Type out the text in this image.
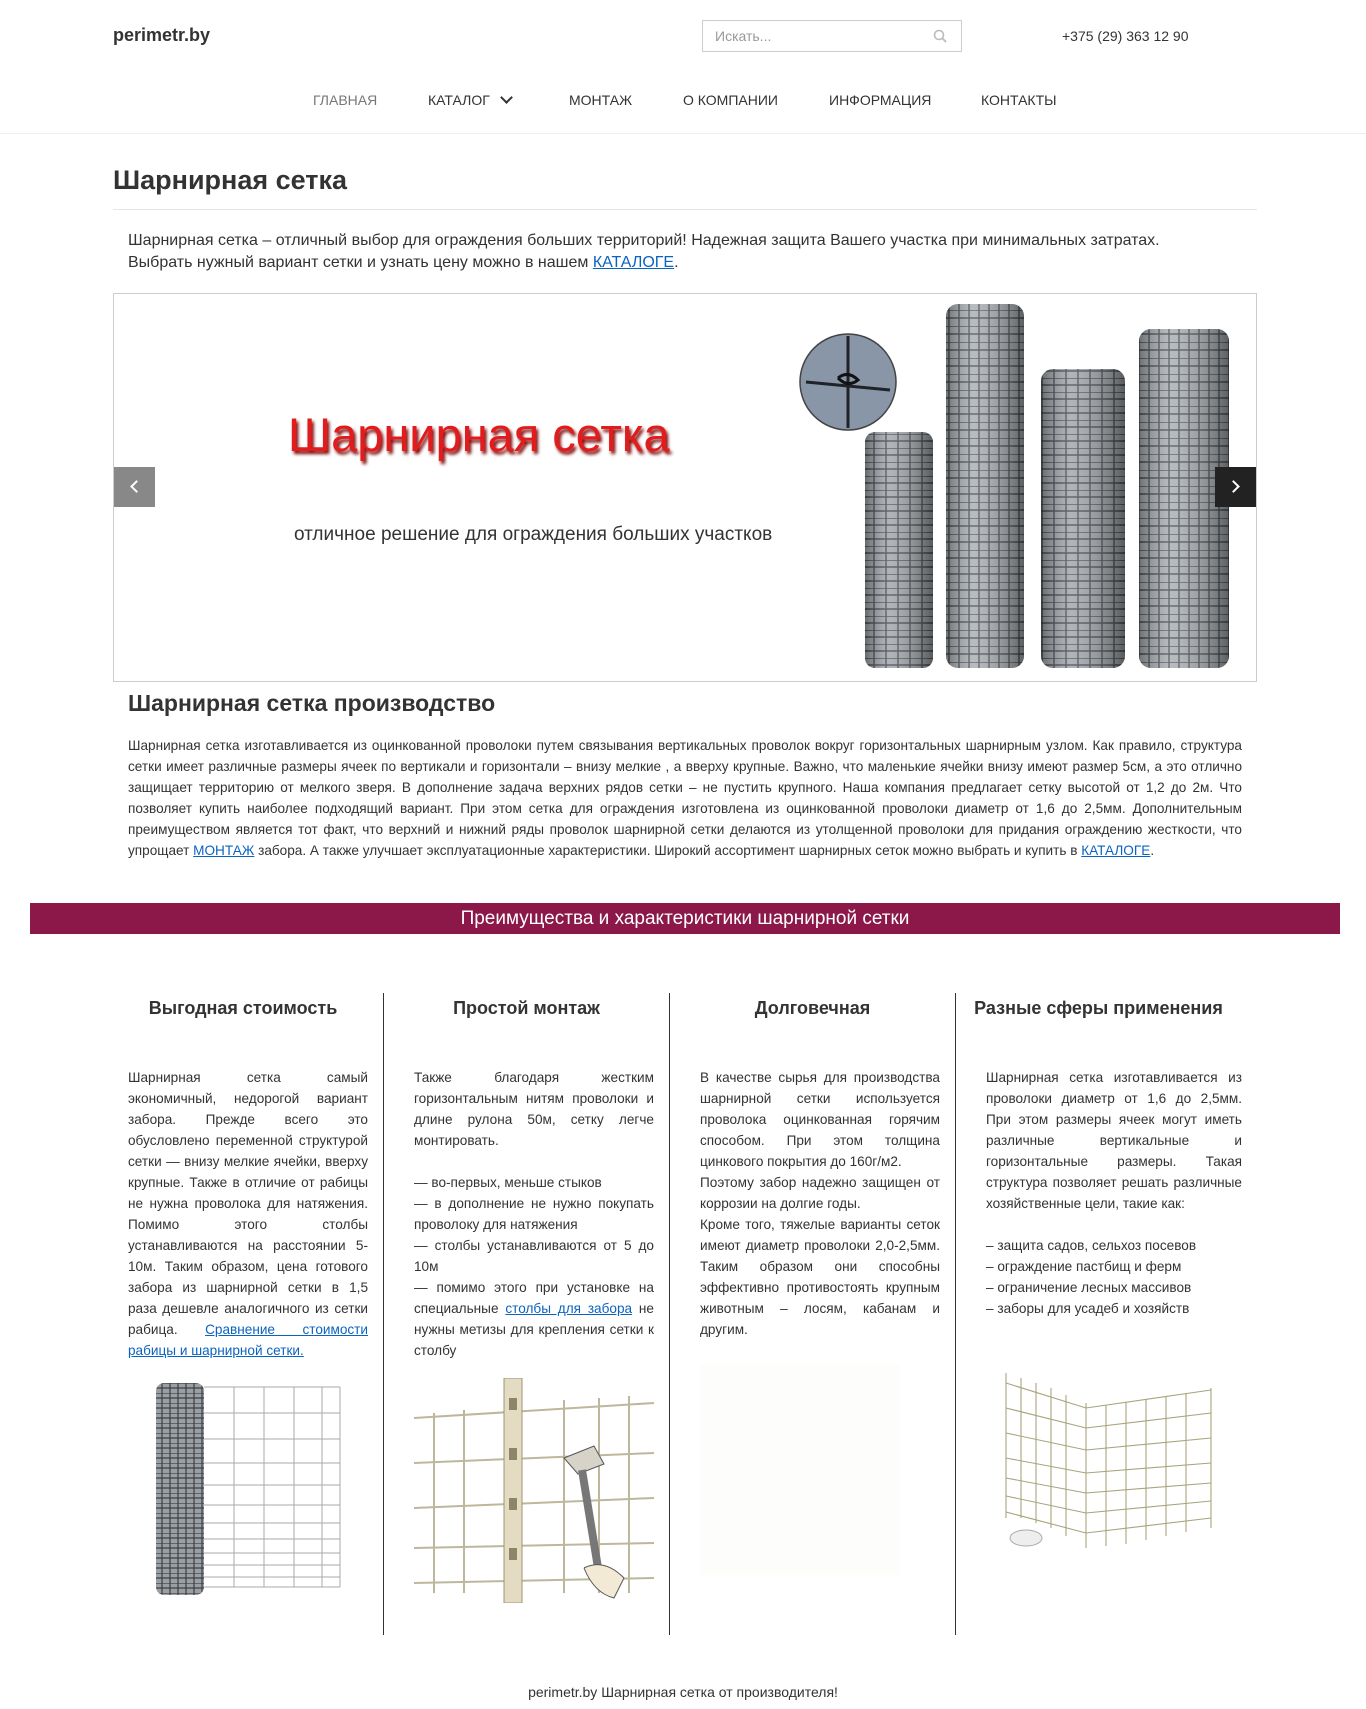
perimetr.by
Искать...	+375 (29) 363 12 90
ГЛАВНАЯ	КАТАЛОГ	МОНТАЖ	О КОМПАНИИ	ИНФОРМАЦИЯ	КОНТАКТЫ
Шарнирная сетка
Шарнирная сетка – отличный выбор для ограждения больших территорий! Надежная защита Вашего участка при минимальных затратах.
Выбрать нужный вариант сетки и узнать цену можно в нашем КАТАЛОГЕ.
Шарнирная сетка
отличное решение для ограждения больших участков
Шарнирная сетка производство

Шарнирная сетка изготавливается из оцинкованной проволоки путем связывания вертикальных проволок вокруг горизонтальных шарнирным узлом. Как правило, структура сетки имеет различные размеры ячеек по вертикали и горизонтали – внизу мелкие , а вверху крупные. Важно, что маленькие ячейки внизу имеют размер 5см, а это отлично защищает территорию от мелкого зверя. В дополнение задача верхних рядов сетки – не пустить крупного. Наша компания предлагает сетку высотой от 1,2 до 2м. Что позволяет купить наиболее подходящий вариант. При этом сетка для ограждения изготовлена из оцинкованной проволоки диаметр от 1,6 до 2,5мм. Дополнительным преимуществом является тот факт, что верхний и нижний ряды проволок шарнирной сетки делаются из утолщенной проволоки для придания ограждению жесткости, что упрощает МОНТАЖ забора. А также улучшает эксплуатационные характеристики. Широкий ассортимент шарнирных сеток можно выбрать и купить в КАТАЛОГЕ.

Преимущества и характеристики шарнирной сетки
Выгодная стоимость
Шарнирная сетка самый экономичный, недорогой вариант забора. Прежде всего это обусловлено переменной структурой сетки — внизу мелкие ячейки, вверху крупные. Также в отличие от рабицы не нужна проволока для натяжения. Помимо этого столбы устанавливаются на расстоянии 5-10м. Таким образом, цена готового забора из шарнирной сетки в 1,5 раза дешевле аналогичного из сетки рабица. Сравнение стоимости рабицы и шарнирной сетки.
Простой монтаж
Также благодаря жестким горизонтальным нитям проволоки и длине рулона 50м, сетку легче монтировать.

— во-первых, меньше стыков
— в дополнение не нужно покупать проволоку для натяжения
— столбы устанавливаются от 5 до 10м
— помимо этого при установке на специальные столбы для забора не нужны метизы для крепления сетки к столбу
Долговечная
В качестве сырья для производства шарнирной сетки используется проволока оцинкованная горячим способом. При этом толщина цинкового покрытия до 160г/м2.
Поэтому забор надежно защищен от коррозии на долгие годы.
Кроме того, тяжелые варианты сеток имеют диаметр проволоки 2,0-2,5мм. Таким образом они способны эффективно противостоять крупным животным – лосям, кабанам и другим.
Разные сферы применения
Шарнирная сетка изготавливается из проволоки диаметр от 1,6 до 2,5мм. При этом размеры ячеек могут иметь различные вертикальные и горизонтальные размеры. Такая структура позволяет решать различные хозяйственные цели, такие как:

– защита садов, сельхоз посевов
– ограждение пастбищ и ферм
– ограничение лесных массивов
– заборы для усадеб и хозяйств
perimetr.by Шарнирная сетка от производителя!
